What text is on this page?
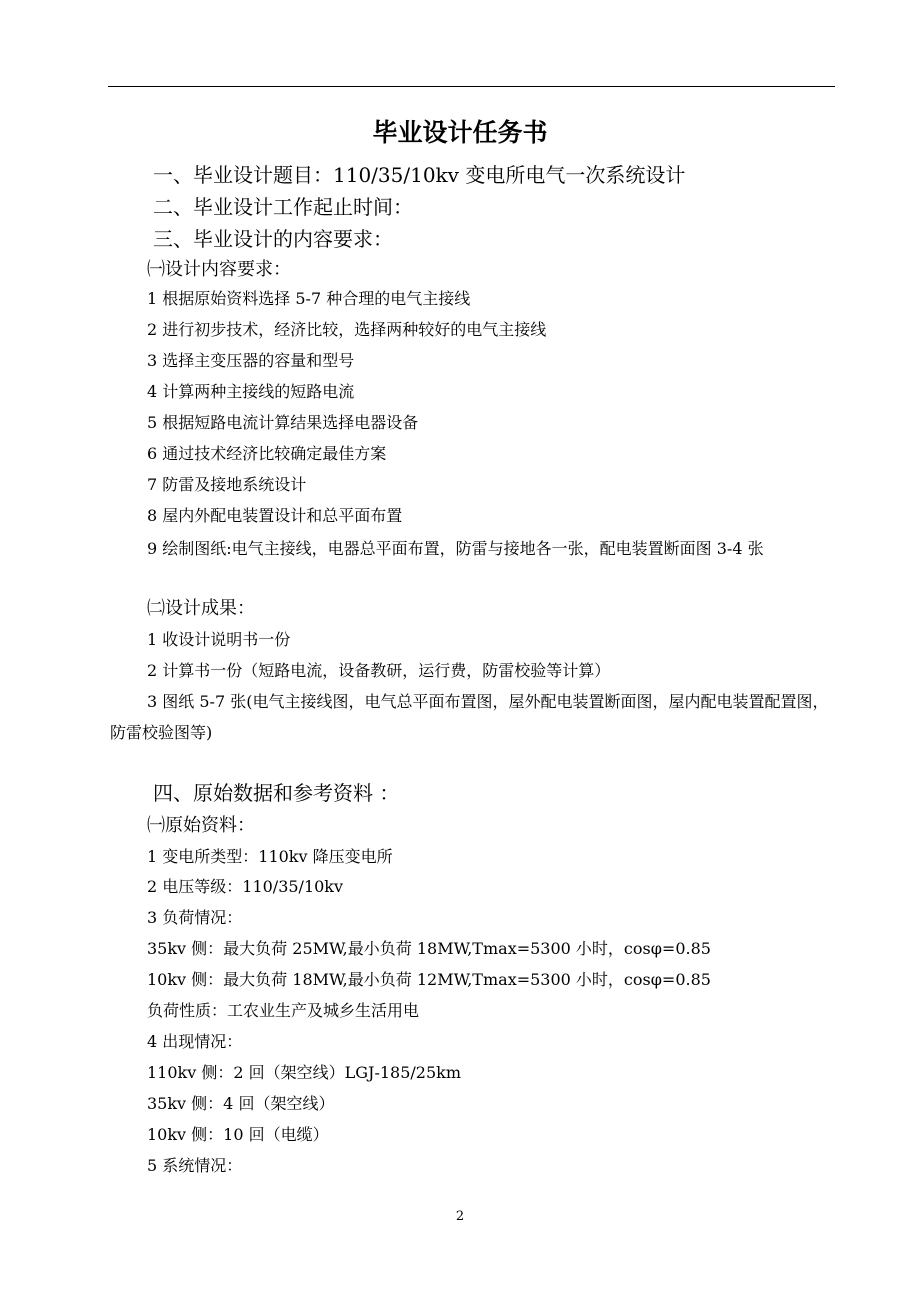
毕业设计任务书
一、毕业设计题目：110/35/10kv 变电所电气一次系统设计
二、毕业设计工作起止时间：
三、毕业设计的内容要求：
㈠设计内容要求：
1 根据原始资料选择 5-7 种合理的电气主接线
2 进行初步技术，经济比较，选择两种较好的电气主接线
3 选择主变压器的容量和型号
4 计算两种主接线的短路电流
5 根据短路电流计算结果选择电器设备
6 通过技术经济比较确定最佳方案
7 防雷及接地系统设计
8 屋内外配电装置设计和总平面布置
9 绘制图纸:电气主接线，电器总平面布置，防雷与接地各一张，配电装置断面图 3-4 张
㈡设计成果：
1 收设计说明书一份
2 计算书一份（短路电流，设备教研，运行费，防雷校验等计算）
3 图纸 5-7 张(电气主接线图，电气总平面布置图，屋外配电装置断面图，屋内配电装置配置图，防雷校验图等)
四、原始数据和参考资料 ：
㈠原始资料：
1 变电所类型：110kv 降压变电所
2 电压等级：110/35/10kv
3 负荷情况：
35kv 侧：最大负荷 25MW,最小负荷 18MW,Tmax=5300 小时，cosφ=0.85
10kv 侧：最大负荷 18MW,最小负荷 12MW,Tmax=5300 小时，cosφ=0.85
负荷性质：工农业生产及城乡生活用电
4 出现情况：
110kv 侧：2 回（架空线）LGJ-185/25km
35kv 侧：4 回（架空线）
10kv 侧：10 回（电缆）
5 系统情况：
2
